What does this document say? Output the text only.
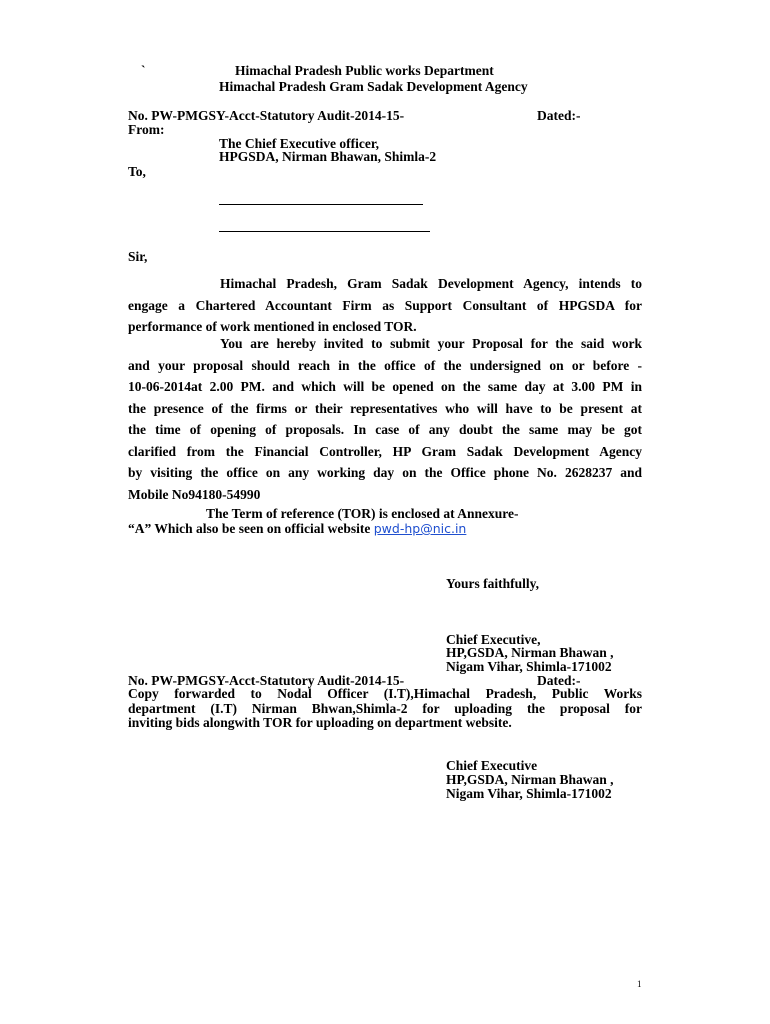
`	Himachal Pradesh Public works Department
Himachal Pradesh Gram Sadak Development Agency
No. PW-PMGSY-Acct-Statutory Audit-2014-15-	Dated:-
From:
The Chief Executive officer,
HPGSDA, Nirman Bhawan, Shimla-2
To,
Sir,
Himachal Pradesh, Gram Sadak Development Agency, intends to
engage a Chartered Accountant Firm as Support Consultant of HPGSDA for
performance of work mentioned in enclosed TOR.
You are hereby invited to submit your Proposal for the said work
and your proposal should reach in the office of the undersigned on or before -
10-06-2014at 2.00 PM. and which will be opened on the same day at 3.00 PM in
the presence of the firms or their representatives who will have to be present at
the time of opening of proposals. In case of any doubt the same may be got
clarified from the Financial Controller, HP Gram Sadak Development Agency
by visiting the office on any working day on the Office phone No. 2628237 and
Mobile No94180-54990
The Term of reference (TOR) is enclosed at Annexure-
“A” Which also be seen on official website pwd-hp@nic.in
Yours faithfully,
Chief Executive,
HP,GSDA, Nirman Bhawan ,
Nigam Vihar, Shimla-171002
No. PW-PMGSY-Acct-Statutory Audit-2014-15-	Dated:-
Copy forwarded to Nodal Officer (I.T),Himachal Pradesh, Public Works
department (I.T) Nirman Bhwan,Shimla-2 for uploading the proposal for
inviting bids alongwith TOR for uploading on department website.
Chief Executive
HP,GSDA, Nirman Bhawan ,
Nigam Vihar, Shimla-171002
1
